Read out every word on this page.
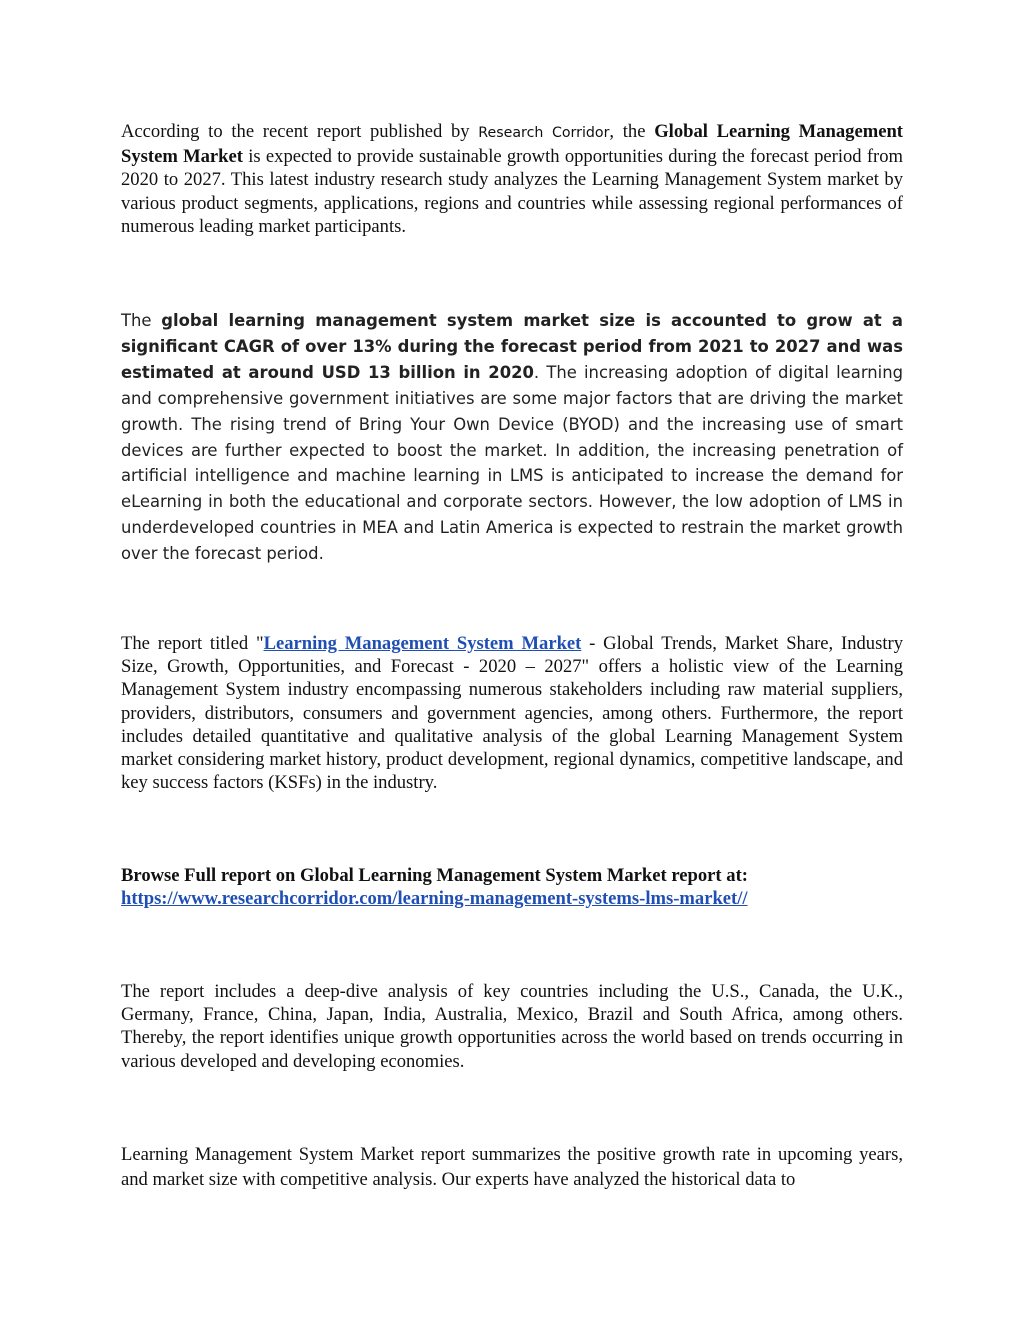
According to the recent report published by Research Corridor, the Global Learning Management System Market is expected to provide sustainable growth opportunities during the forecast period from 2020 to 2027. This latest industry research study analyzes the Learning Management System market by various product segments, applications, regions and countries while assessing regional performances of numerous leading market participants.

The global learning management system market size is accounted to grow at a significant CAGR of over 13% during the forecast period from 2021 to 2027 and was estimated at around USD 13 billion in 2020. The increasing adoption of digital learning and comprehensive government initiatives are some major factors that are driving the market growth. The rising trend of Bring Your Own Device (BYOD) and the increasing use of smart devices are further expected to boost the market. In addition, the increasing penetration of artificial intelligence and machine learning in LMS is anticipated to increase the demand for eLearning in both the educational and corporate sectors. However, the low adoption of LMS in underdeveloped countries in MEA and Latin America is expected to restrain the market growth over the forecast period.

The report titled "Learning Management System Market - Global Trends, Market Share, Industry Size, Growth, Opportunities, and Forecast - 2020 – 2027" offers a holistic view of the Learning Management System industry encompassing numerous stakeholders including raw material suppliers, providers, distributors, consumers and government agencies, among others. Furthermore, the report includes detailed quantitative and qualitative analysis of the global Learning Management System market considering market history, product development, regional dynamics, competitive landscape, and key success factors (KSFs) in the industry.

Browse Full report on Global Learning Management System Market report at:
https://www.researchcorridor.com/learning-management-systems-lms-market//

The report includes a deep-dive analysis of key countries including the U.S., Canada, the U.K., Germany, France, China, Japan, India, Australia, Mexico, Brazil and South Africa, among others. Thereby, the report identifies unique growth opportunities across the world based on trends occurring in various developed and developing economies.

Learning Management System Market report summarizes the positive growth rate in upcoming years, and market size with competitive analysis. Our experts have analyzed the historical data to
